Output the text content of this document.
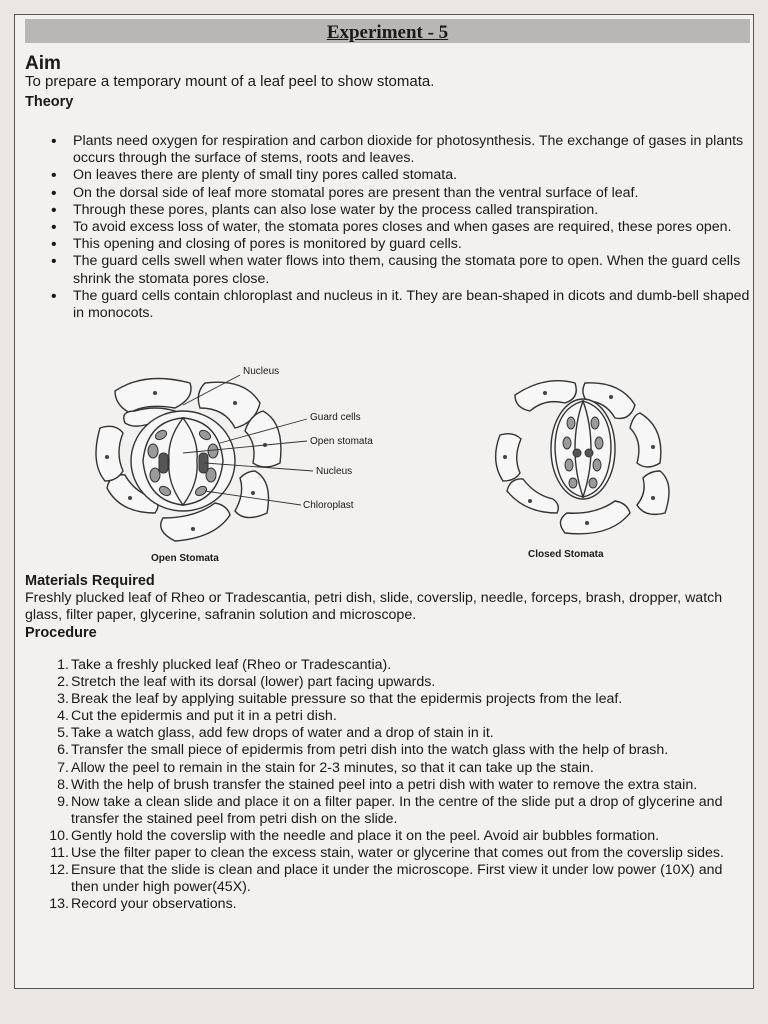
Experiment - 5
Aim
To prepare a temporary mount of a leaf peel to show stomata.
Theory
• Plants need oxygen for respiration and carbon dioxide for photosynthesis. The exchange of gases in plants occurs through the surface of stems, roots and leaves.
• On leaves there are plenty of small tiny pores called stomata.
• On the dorsal side of leaf more stomatal pores are present than the ventral surface of leaf.
• Through these pores, plants can also lose water by the process called transpiration.
• To avoid excess loss of water, the stomata pores closes and when gases are required, these pores open.
• This opening and closing of pores is monitored by guard cells.
• The guard cells swell when water flows into them, causing the stomata pore to open. When the guard cells shrink the stomata pores close.
• The guard cells contain chloroplast and nucleus in it. They are bean-shaped in dicots and dumb-bell shaped in monocots.
Nucleus
Guard cells
Open stomata
Nucleus
Chloroplast
Open Stomata	Closed Stomata
Materials Required
Freshly plucked leaf of Rheo or Tradescantia, petri dish, slide, coverslip, needle, forceps, brash, dropper, watch glass, filter paper, glycerine, safranin solution and microscope.
Procedure
1. Take a freshly plucked leaf (Rheo or Tradescantia).
2. Stretch the leaf with its dorsal (lower) part facing upwards.
3. Break the leaf by applying suitable pressure so that the epidermis projects from the leaf.
4. Cut the epidermis and put it in a petri dish.
5. Take a watch glass, add few drops of water and a drop of stain in it.
6. Transfer the small piece of epidermis from petri dish into the watch glass with the help of brash.
7. Allow the peel to remain in the stain for 2-3 minutes, so that it can take up the stain.
8. With the help of brush transfer the stained peel into a petri dish with water to remove the extra stain.
9. Now take a clean slide and place it on a filter paper. In the centre of the slide put a drop of glycerine and transfer the stained peel from petri dish on the slide.
10. Gently hold the coverslip with the needle and place it on the peel. Avoid air bubbles formation.
11. Use the filter paper to clean the excess stain, water or glycerine that comes out from the coverslip sides.
12. Ensure that the slide is clean and place it under the microscope. First view it under low power (10X) and then under high power(45X).
13. Record your observations.
